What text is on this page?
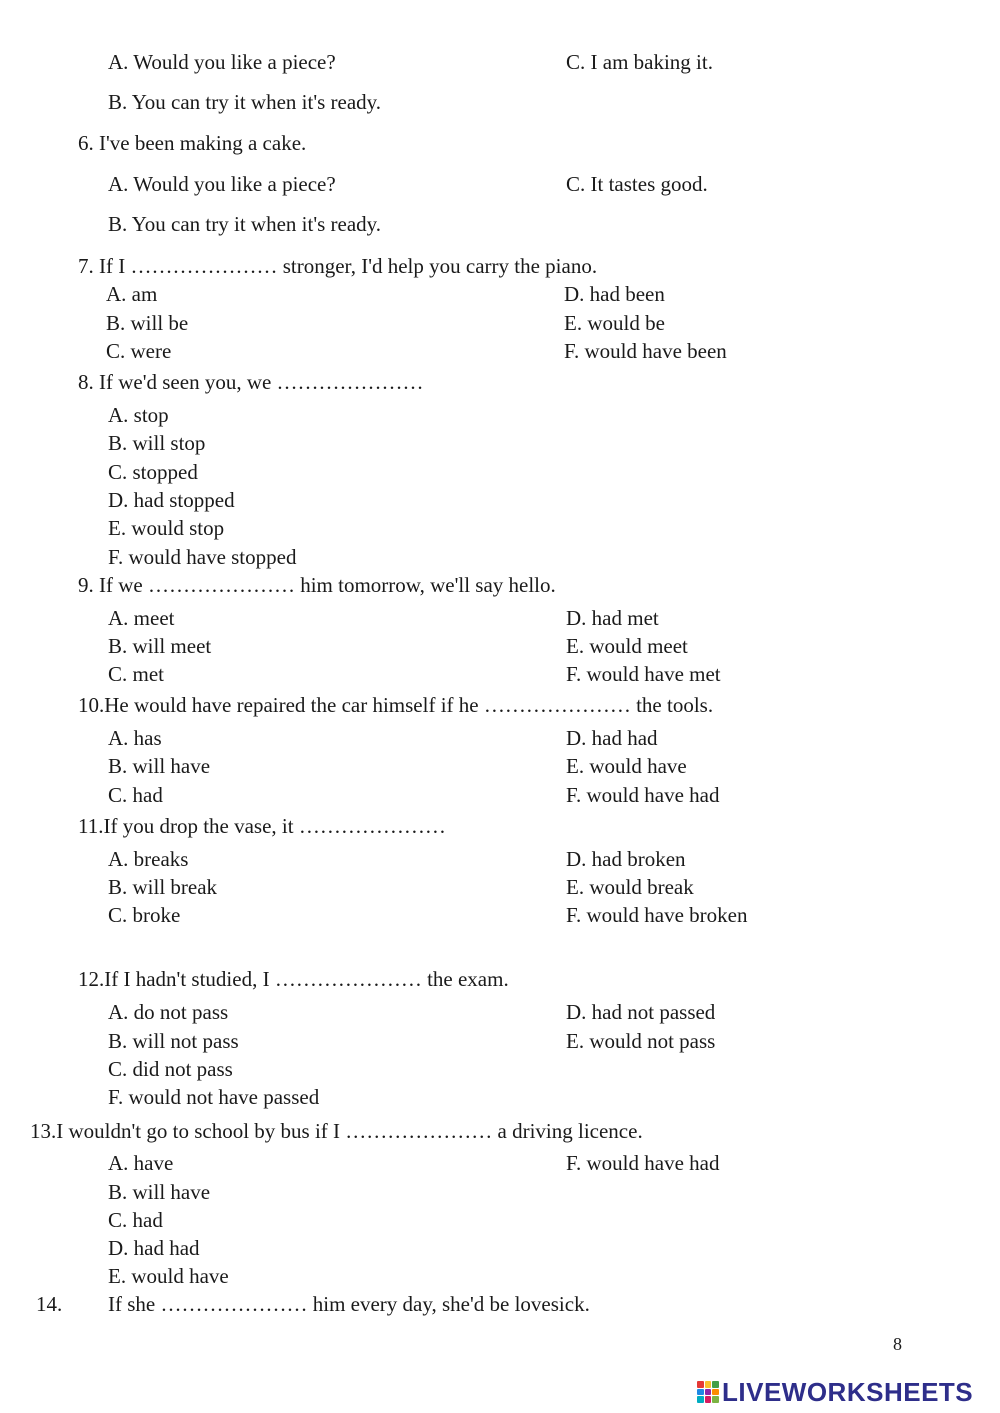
A. Would you like a piece?	C. I am baking it.
B. You can try it when it's ready.
6. I've been making a cake.
A. Would you like a piece?	C. It tastes good.
B. You can try it when it's ready.
7. If I ………………… stronger, I'd help you carry the piano.
A. am	D. had been
B. will be	E. would be
C. were	F. would have been
8. If we'd seen you, we …………………
A. stop
B. will stop
C. stopped
D. had stopped
E. would stop
F. would have stopped
9. If we ………………… him tomorrow, we'll say hello.
A. meet	D. had met
B. will meet	E. would meet
C. met	F. would have met
10.He would have repaired the car himself if he ………………… the tools.
A. has	D. had had
B. will have	E. would have
C. had	F. would have had
11.If you drop the vase, it …………………
A. breaks	D. had broken
B. will break	E. would break
C. broke	F. would have broken
12.If I hadn't studied, I ………………… the exam.
A. do not pass	D. had not passed
B. will not pass	E. would not pass
C. did not pass
F. would not have passed
13.I wouldn't go to school by bus if I ………………… a driving licence.
A. have	F. would have had
B. will have
C. had
D. had had
E. would have
14. If she ………………… him every day, she'd be lovesick.
8
LIVEWORKSHEETS
